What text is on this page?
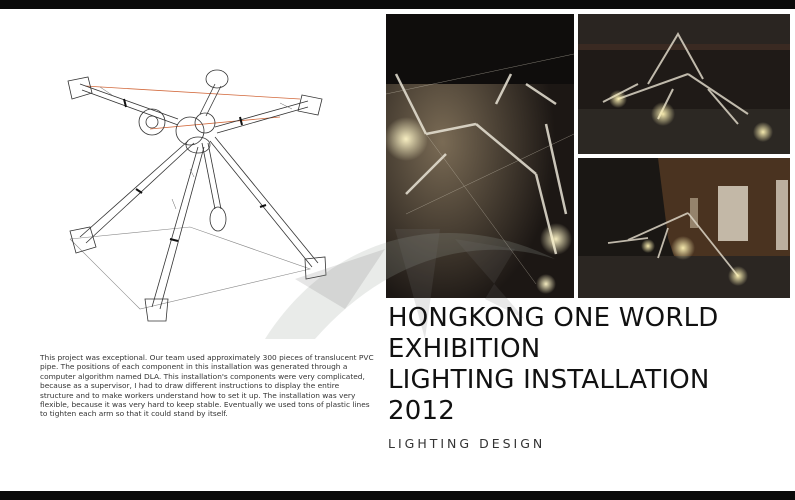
This project was exceptional. Our team used approximately 300 pieces of translucent PVC pipe. The positions of each component in this installation was generated through a computer algorithm named DLA. This installation's components were very complicated, because as a supervisor, I had to draw different instructions to display the entire structure and to make workers understand how to set it up. The installation was very flexible, because it was very hard to keep stable. Eventually we used tons of plastic lines to tighten each arm so that it could stand by itself.
HONGKONG ONE WORLD
EXHIBITION
LIGHTING INSTALLATION
2012
LIGHTING DESIGN
